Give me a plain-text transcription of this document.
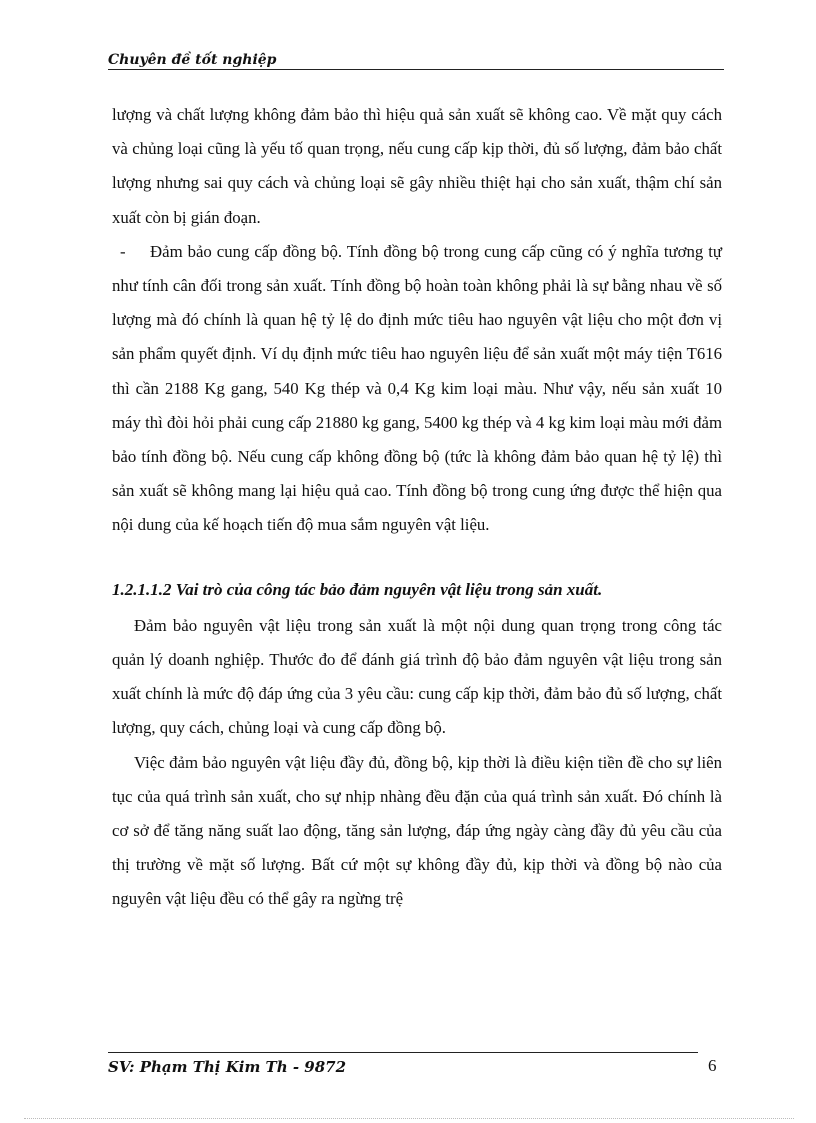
Chuyên đề tốt nghiệp

lượng và chất lượng không đảm bảo thì hiệu quả sản xuất sẽ không cao. Về mặt quy cách và chủng loại cũng là yếu tố quan trọng, nếu cung cấp kịp thời, đủ số lượng, đảm bảo chất lượng nhưng sai quy cách và chủng loại sẽ gây nhiều thiệt hại cho sản xuất, thậm chí sản xuất còn bị gián đoạn.

- Đảm bảo cung cấp đồng bộ. Tính đồng bộ trong cung cấp cũng có ý nghĩa tương tự như tính cân đối trong sản xuất. Tính đồng bộ hoàn toàn không phải là sự bằng nhau về số lượng mà đó chính là quan hệ tỷ lệ do định mức tiêu hao nguyên vật liệu cho một đơn vị sản phẩm quyết định. Ví dụ định mức tiêu hao nguyên liệu để sản xuất một máy tiện T616 thì cần 2188 Kg gang, 540 Kg thép và 0,4 Kg kim loại màu. Như vậy, nếu sản xuất 10 máy thì đòi hỏi phải cung cấp 21880 kg gang, 5400 kg thép và 4 kg kim loại màu mới đảm bảo tính đồng bộ. Nếu cung cấp không đồng bộ (tức là không đảm bảo quan hệ tỷ lệ) thì sản xuất sẽ không mang lại hiệu quả cao. Tính đồng bộ trong cung ứng được thể hiện qua nội dung của kế hoạch tiến độ mua sắm nguyên vật liệu.

1.2.1.1.2 Vai trò của công tác bảo đảm nguyên vật liệu trong sản xuất.

Đảm bảo nguyên vật liệu trong sản xuất là một nội dung quan trọng trong công tác quản lý doanh nghiệp. Thước đo để đánh giá trình độ bảo đảm nguyên vật liệu trong sản xuất chính là mức độ đáp ứng của 3 yêu cầu: cung cấp kịp thời, đảm bảo đủ số lượng, chất lượng, quy cách, chủng loại và cung cấp đồng bộ.

Việc đảm bảo nguyên vật liệu đầy đủ, đồng bộ, kịp thời là điều kiện tiền đề cho sự liên tục của quá trình sản xuất, cho sự nhịp nhàng đều đặn của quá trình sản xuất. Đó chính là cơ sở để tăng năng suất lao động, tăng sản lượng, đáp ứng ngày càng đầy đủ yêu cầu của thị trường về mặt số lượng. Bất cứ một sự không đầy đủ, kịp thời và đồng bộ nào của nguyên vật liệu đều có thể gây ra ngừng trệ

SV: Phạm Thị Kim Th - 9872	6
